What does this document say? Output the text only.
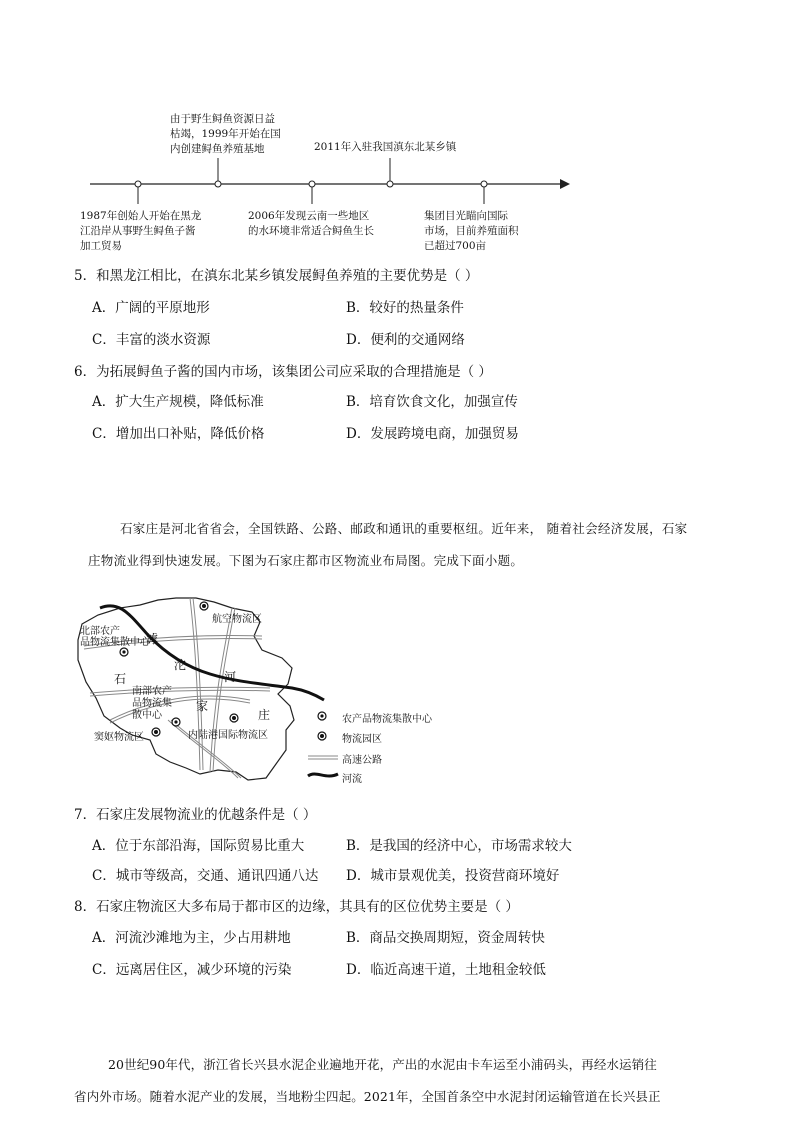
由于野生鲟鱼资源日益
枯竭，1999年开始在国
内创建鲟鱼养殖基地	2011年入驻我国滇东北某乡镇
1987年创始人开始在黑龙
江沿岸从事野生鲟鱼子酱
加工贸易
2006年发现云南一些地区
的水环境非常适合鲟鱼生长
集团目光瞄向国际
市场，目前养殖面积
已超过700亩
5．和黑龙江相比，在滇东北某乡镇发展鲟鱼养殖的主要优势是（ ）
A．广阔的平原地形	B．较好的热量条件
C．丰富的淡水资源	D．便利的交通网络
6．为拓展鲟鱼子酱的国内市场，该集团公司应采取的合理措施是（ ）
A．扩大生产规模，降低标准	B．培育饮食文化，加强宣传
C．增加出口补贴，降低价格	D．发展跨境电商，加强贸易
石家庄是河北省省会，全国铁路、公路、邮政和通讯的重要枢纽。近年来， 随着社会经济发展，石家
庄物流业得到快速发展。下图为石家庄都市区物流业布局图。完成下面小题。
北部农产
品物流集散中心
航空物流区
滹
沱
河
石
家
庄
南部农产
品物流集
散中心
窦妪物流区	内陆港国际物流区
农产品物流集散中心
物流园区
高速公路
河流
7．石家庄发展物流业的优越条件是（ ）
A．位于东部沿海，国际贸易比重大	B．是我国的经济中心，市场需求较大
C．城市等级高，交通、通讯四通八达 D．城市景观优美，投资营商环境好
8．石家庄物流区大多布局于都市区的边缘，其具有的区位优势主要是（ ）
A．河流沙滩地为主，少占用耕地	B．商品交换周期短，资金周转快
C．远离居住区，减少环境的污染	D．临近高速干道，土地租金较低
20世纪90年代，浙江省长兴县水泥企业遍地开花，产出的水泥由卡车运至小浦码头，再经水运销往
省内外市场。随着水泥产业的发展，当地粉尘四起。2021年，全国首条空中水泥封闭运输管道在长兴县正
